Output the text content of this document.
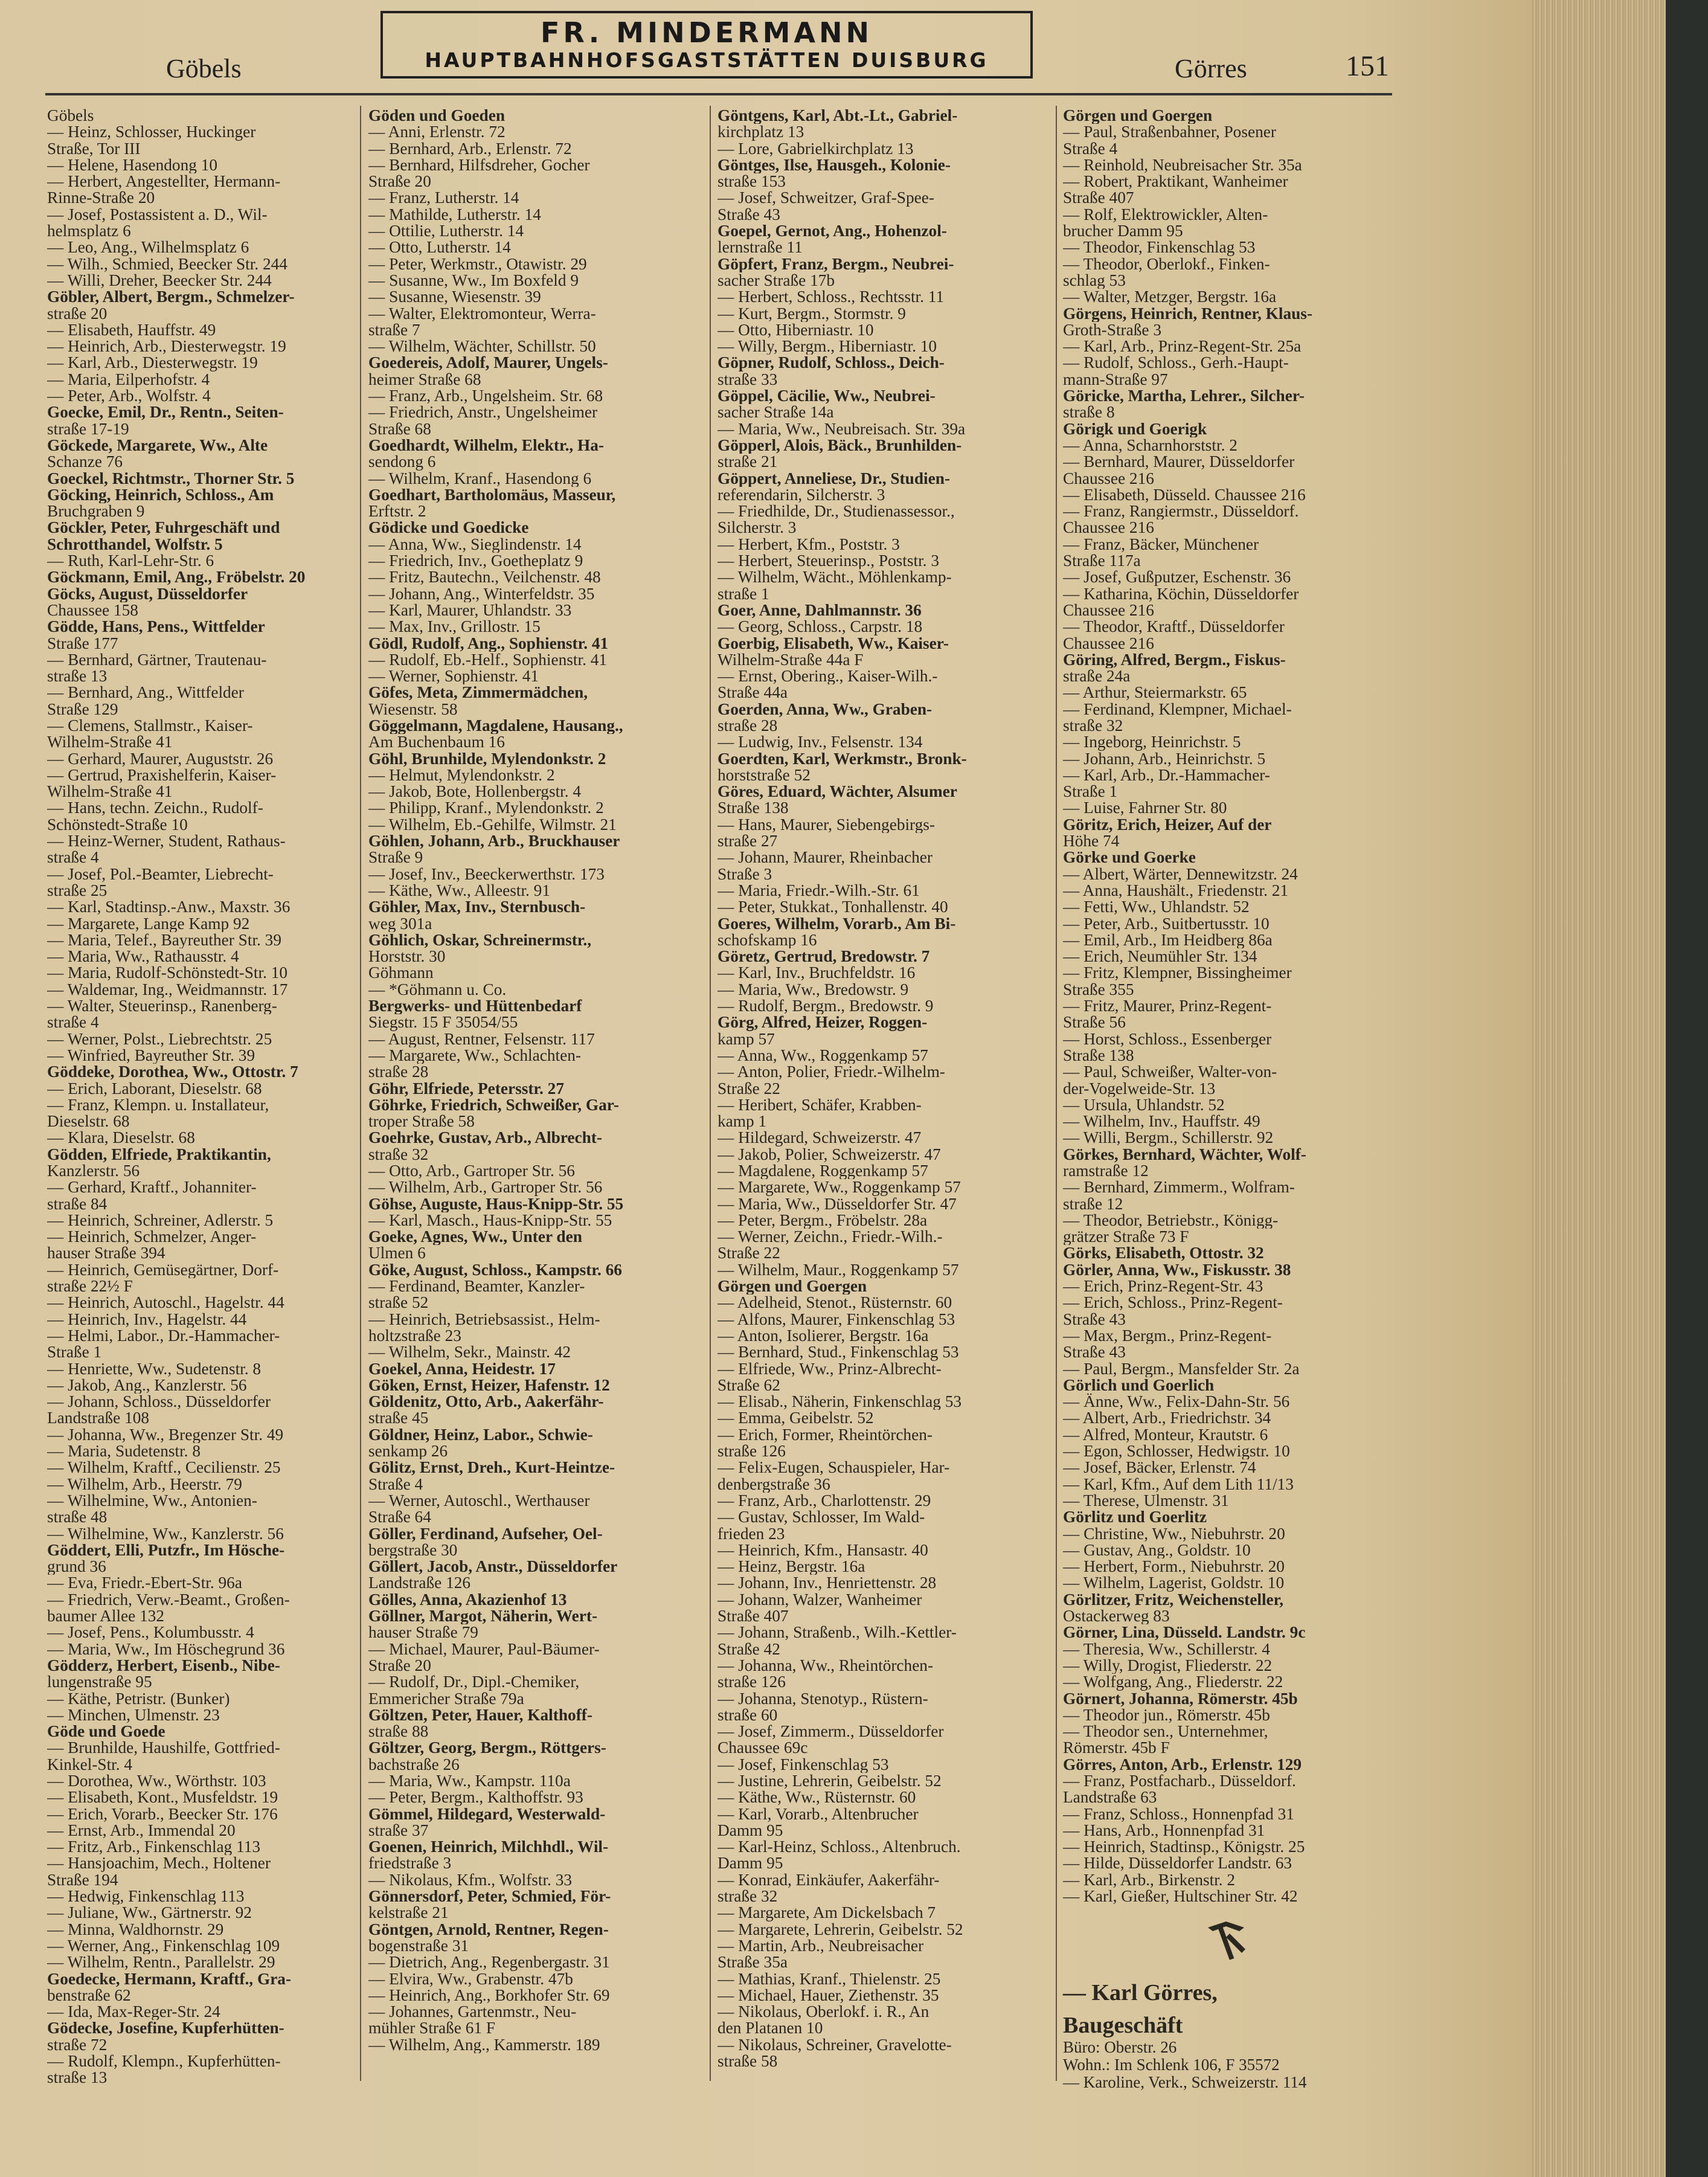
Göbels
FR. MINDERMANN
HAUPTBAHNHOFSGASTSTÄTTEN DUISBURG	Görres	151
Göbels
— Heinz, Schlosser, Huckinger
Straße, Tor III
— Helene, Hasendong 10
— Herbert, Angestellter, Hermann-
Rinne-Straße 20
— Josef, Postassistent a. D., Wil-
helmsplatz 6
— Leo, Ang., Wilhelmsplatz 6
— Wilh., Schmied, Beecker Str. 244
— Willi, Dreher, Beecker Str. 244
Göbler, Albert, Bergm., Schmelzer-
straße 20
— Elisabeth, Hauffstr. 49
— Heinrich, Arb., Diesterwegstr. 19
— Karl, Arb., Diesterwegstr. 19
— Maria, Eilperhofstr. 4
— Peter, Arb., Wolfstr. 4
Goecke, Emil, Dr., Rentn., Seiten-
straße 17-19
Göckede, Margarete, Ww., Alte
Schanze 76
Goeckel, Richtmstr., Thorner Str. 5
Göcking, Heinrich, Schloss., Am
Bruchgraben 9
Göckler, Peter, Fuhrgeschäft und
Schrotthandel, Wolfstr. 5
— Ruth, Karl-Lehr-Str. 6
Göckmann, Emil, Ang., Fröbelstr. 20
Göcks, August, Düsseldorfer
Chaussee 158
Gödde, Hans, Pens., Wittfelder
Straße 177
— Bernhard, Gärtner, Trautenau-
straße 13
— Bernhard, Ang., Wittfelder
Straße 129
— Clemens, Stallmstr., Kaiser-
Wilhelm-Straße 41
— Gerhard, Maurer, Auguststr. 26
— Gertrud, Praxishelferin, Kaiser-
Wilhelm-Straße 41
— Hans, techn. Zeichn., Rudolf-
Schönstedt-Straße 10
— Heinz-Werner, Student, Rathaus-
straße 4
— Josef, Pol.-Beamter, Liebrecht-
straße 25
— Karl, Stadtinsp.-Anw., Maxstr. 36
— Margarete, Lange Kamp 92
— Maria, Telef., Bayreuther Str. 39
— Maria, Ww., Rathausstr. 4
— Maria, Rudolf-Schönstedt-Str. 10
— Waldemar, Ing., Weidmannstr. 17
— Walter, Steuerinsp., Ranenberg-
straße 4
— Werner, Polst., Liebrechtstr. 25
— Winfried, Bayreuther Str. 39
Göddeke, Dorothea, Ww., Ottostr. 7
— Erich, Laborant, Dieselstr. 68
— Franz, Klempn. u. Installateur,
Dieselstr. 68
— Klara, Dieselstr. 68
Gödden, Elfriede, Praktikantin,
Kanzlerstr. 56
— Gerhard, Kraftf., Johanniter-
straße 84
— Heinrich, Schreiner, Adlerstr. 5
— Heinrich, Schmelzer, Anger-
hauser Straße 394
— Heinrich, Gemüsegärtner, Dorf-
straße 22½ F
— Heinrich, Autoschl., Hagelstr. 44
— Heinrich, Inv., Hagelstr. 44
— Helmi, Labor., Dr.-Hammacher-
Straße 1
— Henriette, Ww., Sudetenstr. 8
— Jakob, Ang., Kanzlerstr. 56
— Johann, Schloss., Düsseldorfer
Landstraße 108
— Johanna, Ww., Bregenzer Str. 49
— Maria, Sudetenstr. 8
— Wilhelm, Kraftf., Cecilienstr. 25
— Wilhelm, Arb., Heerstr. 79
— Wilhelmine, Ww., Antonien-
straße 48
— Wilhelmine, Ww., Kanzlerstr. 56
Göddert, Elli, Putzfr., Im Hösche-
grund 36
— Eva, Friedr.-Ebert-Str. 96a
— Friedrich, Verw.-Beamt., Großen-
baumer Allee 132
— Josef, Pens., Kolumbusstr. 4
— Maria, Ww., Im Höschegrund 36
Gödderz, Herbert, Eisenb., Nibe-
lungenstraße 95
— Käthe, Petristr. (Bunker)
— Minchen, Ulmenstr. 23
Göde und Goede
— Brunhilde, Haushilfe, Gottfried-
Kinkel-Str. 4
— Dorothea, Ww., Wörthstr. 103
— Elisabeth, Kont., Musfeldstr. 19
— Erich, Vorarb., Beecker Str. 176
— Ernst, Arb., Immendal 20
— Fritz, Arb., Finkenschlag 113
— Hansjoachim, Mech., Holtener
Straße 194
— Hedwig, Finkenschlag 113
— Juliane, Ww., Gärtnerstr. 92
— Minna, Waldhornstr. 29
— Werner, Ang., Finkenschlag 109
— Wilhelm, Rentn., Parallelstr. 29
Goedecke, Hermann, Kraftf., Gra-
benstraße 62
— Ida, Max-Reger-Str. 24
Gödecke, Josefine, Kupferhütten-
straße 72
— Rudolf, Klempn., Kupferhütten-
straße 13
Göden und Goeden
— Anni, Erlenstr. 72
— Bernhard, Arb., Erlenstr. 72
— Bernhard, Hilfsdreher, Gocher
Straße 20
— Franz, Lutherstr. 14
— Mathilde, Lutherstr. 14
— Ottilie, Lutherstr. 14
— Otto, Lutherstr. 14
— Peter, Werkmstr., Otawistr. 29
— Susanne, Ww., Im Boxfeld 9
— Susanne, Wiesenstr. 39
— Walter, Elektromonteur, Werra-
straße 7
— Wilhelm, Wächter, Schillstr. 50
Goedereis, Adolf, Maurer, Ungels-
heimer Straße 68
— Franz, Arb., Ungelsheim. Str. 68
— Friedrich, Anstr., Ungelsheimer
Straße 68
Goedhardt, Wilhelm, Elektr., Ha-
sendong 6
— Wilhelm, Kranf., Hasendong 6
Goedhart, Bartholomäus, Masseur,
Erftstr. 2
Gödicke und Goedicke
— Anna, Ww., Sieglindenstr. 14
— Friedrich, Inv., Goetheplatz 9
— Fritz, Bautechn., Veilchenstr. 48
— Johann, Ang., Winterfeldstr. 35
— Karl, Maurer, Uhlandstr. 33
— Max, Inv., Grillostr. 15
Gödl, Rudolf, Ang., Sophienstr. 41
— Rudolf, Eb.-Helf., Sophienstr. 41
— Werner, Sophienstr. 41
Göfes, Meta, Zimmermädchen,
Wiesenstr. 58
Göggelmann, Magdalene, Hausang.,
Am Buchenbaum 16
Göhl, Brunhilde, Mylendonkstr. 2
— Helmut, Mylendonkstr. 2
— Jakob, Bote, Hollenbergstr. 4
— Philipp, Kranf., Mylendonkstr. 2
— Wilhelm, Eb.-Gehilfe, Wilmstr. 21
Göhlen, Johann, Arb., Bruckhauser
Straße 9
— Josef, Inv., Beeckerwerthstr. 173
— Käthe, Ww., Alleestr. 91
Göhler, Max, Inv., Sternbusch-
weg 301a
Göhlich, Oskar, Schreinermstr.,
Horststr. 30
Göhmann
— *Göhmann u. Co.
Bergwerks- und Hüttenbedarf
Siegstr. 15 F 35054/55
— August, Rentner, Felsenstr. 117
— Margarete, Ww., Schlachten-
straße 28
Göhr, Elfriede, Petersstr. 27
Göhrke, Friedrich, Schweißer, Gar-
troper Straße 58
Goehrke, Gustav, Arb., Albrecht-
straße 32
— Otto, Arb., Gartroper Str. 56
— Wilhelm, Arb., Gartroper Str. 56
Göhse, Auguste, Haus-Knipp-Str. 55
— Karl, Masch., Haus-Knipp-Str. 55
Goeke, Agnes, Ww., Unter den
Ulmen 6
Göke, August, Schloss., Kampstr. 66
— Ferdinand, Beamter, Kanzler-
straße 52
— Heinrich, Betriebsassist., Helm-
holtzstraße 23
— Wilhelm, Sekr., Mainstr. 42
Goekel, Anna, Heidestr. 17
Göken, Ernst, Heizer, Hafenstr. 12
Göldenitz, Otto, Arb., Aakerfähr-
straße 45
Göldner, Heinz, Labor., Schwie-
senkamp 26
Gölitz, Ernst, Dreh., Kurt-Heintze-
Straße 4
— Werner, Autoschl., Werthauser
Straße 64
Göller, Ferdinand, Aufseher, Oel-
bergstraße 30
Göllert, Jacob, Anstr., Düsseldorfer
Landstraße 126
Gölles, Anna, Akazienhof 13
Göllner, Margot, Näherin, Wert-
hauser Straße 79
— Michael, Maurer, Paul-Bäumer-
Straße 20
— Rudolf, Dr., Dipl.-Chemiker,
Emmericher Straße 79a
Göltzen, Peter, Hauer, Kalthoff-
straße 88
Göltzer, Georg, Bergm., Röttgers-
bachstraße 26
— Maria, Ww., Kampstr. 110a
— Peter, Bergm., Kalthoffstr. 93
Gömmel, Hildegard, Westerwald-
straße 37
Goenen, Heinrich, Milchhdl., Wil-
friedstraße 3
— Nikolaus, Kfm., Wolfstr. 33
Gönnersdorf, Peter, Schmied, För-
kelstraße 21
Göntgen, Arnold, Rentner, Regen-
bogenstraße 31
— Dietrich, Ang., Regenbergastr. 31
— Elvira, Ww., Grabenstr. 47b
— Heinrich, Ang., Borkhofer Str. 69
— Johannes, Gartenmstr., Neu-
mühler Straße 61 F
— Wilhelm, Ang., Kammerstr. 189
Göntgens, Karl, Abt.-Lt., Gabriel-
kirchplatz 13
— Lore, Gabrielkirchplatz 13
Göntges, Ilse, Hausgeh., Kolonie-
straße 153
— Josef, Schweitzer, Graf-Spee-
Straße 43
Goepel, Gernot, Ang., Hohenzol-
lernstraße 11
Göpfert, Franz, Bergm., Neubrei-
sacher Straße 17b
— Herbert, Schloss., Rechtsstr. 11
— Kurt, Bergm., Stormstr. 9
— Otto, Hiberniastr. 10
— Willy, Bergm., Hiberniastr. 10
Göpner, Rudolf, Schloss., Deich-
straße 33
Göppel, Cäcilie, Ww., Neubrei-
sacher Straße 14a
— Maria, Ww., Neubreisach. Str. 39a
Göpperl, Alois, Bäck., Brunhilden-
straße 21
Göppert, Anneliese, Dr., Studien-
referendarin, Silcherstr. 3
— Friedhilde, Dr., Studienassessor.,
Silcherstr. 3
— Herbert, Kfm., Poststr. 3
— Herbert, Steuerinsp., Poststr. 3
— Wilhelm, Wächt., Möhlenkamp-
straße 1
Goer, Anne, Dahlmannstr. 36
— Georg, Schloss., Carpstr. 18
Goerbig, Elisabeth, Ww., Kaiser-
Wilhelm-Straße 44a F
— Ernst, Obering., Kaiser-Wilh.-
Straße 44a
Goerden, Anna, Ww., Graben-
straße 28
— Ludwig, Inv., Felsenstr. 134
Goerdten, Karl, Werkmstr., Bronk-
horststraße 52
Göres, Eduard, Wächter, Alsumer
Straße 138
— Hans, Maurer, Siebengebirgs-
straße 27
— Johann, Maurer, Rheinbacher
Straße 3
— Maria, Friedr.-Wilh.-Str. 61
— Peter, Stukkat., Tonhallenstr. 40
Goeres, Wilhelm, Vorarb., Am Bi-
schofskamp 16
Göretz, Gertrud, Bredowstr. 7
— Karl, Inv., Bruchfeldstr. 16
— Maria, Ww., Bredowstr. 9
— Rudolf, Bergm., Bredowstr. 9
Görg, Alfred, Heizer, Roggen-
kamp 57
— Anna, Ww., Roggenkamp 57
— Anton, Polier, Friedr.-Wilhelm-
Straße 22
— Heribert, Schäfer, Krabben-
kamp 1
— Hildegard, Schweizerstr. 47
— Jakob, Polier, Schweizerstr. 47
— Magdalene, Roggenkamp 57
— Margarete, Ww., Roggenkamp 57
— Maria, Ww., Düsseldorfer Str. 47
— Peter, Bergm., Fröbelstr. 28a
— Werner, Zeichn., Friedr.-Wilh.-
Straße 22
— Wilhelm, Maur., Roggenkamp 57
Görgen und Goergen
— Adelheid, Stenot., Rüsternstr. 60
— Alfons, Maurer, Finkenschlag 53
— Anton, Isolierer, Bergstr. 16a
— Bernhard, Stud., Finkenschlag 53
— Elfriede, Ww., Prinz-Albrecht-
Straße 62
— Elisab., Näherin, Finkenschlag 53
— Emma, Geibelstr. 52
— Erich, Former, Rheintörchen-
straße 126
— Felix-Eugen, Schauspieler, Har-
denbergstraße 36
— Franz, Arb., Charlottenstr. 29
— Gustav, Schlosser, Im Wald-
frieden 23
— Heinrich, Kfm., Hansastr. 40
— Heinz, Bergstr. 16a
— Johann, Inv., Henriettenstr. 28
— Johann, Walzer, Wanheimer
Straße 407
— Johann, Straßenb., Wilh.-Kettler-
Straße 42
— Johanna, Ww., Rheintörchen-
straße 126
— Johanna, Stenotyp., Rüstern-
straße 60
— Josef, Zimmerm., Düsseldorfer
Chaussee 69c
— Josef, Finkenschlag 53
— Justine, Lehrerin, Geibelstr. 52
— Käthe, Ww., Rüsternstr. 60
— Karl, Vorarb., Altenbrucher
Damm 95
— Karl-Heinz, Schloss., Altenbruch.
Damm 95
— Konrad, Einkäufer, Aakerfähr-
straße 32
— Margarete, Am Dickelsbach 7
— Margarete, Lehrerin, Geibelstr. 52
— Martin, Arb., Neubreisacher
Straße 35a
— Mathias, Kranf., Thielenstr. 25
— Michael, Hauer, Ziethenstr. 35
— Nikolaus, Oberlokf. i. R., An
den Platanen 10
— Nikolaus, Schreiner, Gravelotte-
straße 58
Görgen und Goergen
— Paul, Straßenbahner, Posener
Straße 4
— Reinhold, Neubreisacher Str. 35a
— Robert, Praktikant, Wanheimer
Straße 407
— Rolf, Elektrowickler, Alten-
brucher Damm 95
— Theodor, Finkenschlag 53
— Theodor, Oberlokf., Finken-
schlag 53
— Walter, Metzger, Bergstr. 16a
Görgens, Heinrich, Rentner, Klaus-
Groth-Straße 3
— Karl, Arb., Prinz-Regent-Str. 25a
— Rudolf, Schloss., Gerh.-Haupt-
mann-Straße 97
Göricke, Martha, Lehrer., Silcher-
straße 8
Görigk und Goerigk
— Anna, Scharnhorststr. 2
— Bernhard, Maurer, Düsseldorfer
Chaussee 216
— Elisabeth, Düsseld. Chaussee 216
— Franz, Rangiermstr., Düsseldorf.
Chaussee 216
— Franz, Bäcker, Münchener
Straße 117a
— Josef, Gußputzer, Eschenstr. 36
— Katharina, Köchin, Düsseldorfer
Chaussee 216
— Theodor, Kraftf., Düsseldorfer
Chaussee 216
Göring, Alfred, Bergm., Fiskus-
straße 24a
— Arthur, Steiermarkstr. 65
— Ferdinand, Klempner, Michael-
straße 32
— Ingeborg, Heinrichstr. 5
— Johann, Arb., Heinrichstr. 5
— Karl, Arb., Dr.-Hammacher-
Straße 1
— Luise, Fahrner Str. 80
Göritz, Erich, Heizer, Auf der
Höhe 74
Görke und Goerke
— Albert, Wärter, Dennewitzstr. 24
— Anna, Haushält., Friedenstr. 21
— Fetti, Ww., Uhlandstr. 52
— Peter, Arb., Suitbertusstr. 10
— Emil, Arb., Im Heidberg 86a
— Erich, Neumühler Str. 134
— Fritz, Klempner, Bissingheimer
Straße 355
— Fritz, Maurer, Prinz-Regent-
Straße 56
— Horst, Schloss., Essenberger
Straße 138
— Paul, Schweißer, Walter-von-
der-Vogelweide-Str. 13
— Ursula, Uhlandstr. 52
— Wilhelm, Inv., Hauffstr. 49
— Willi, Bergm., Schillerstr. 92
Görkes, Bernhard, Wächter, Wolf-
ramstraße 12
— Bernhard, Zimmerm., Wolfram-
straße 12
— Theodor, Betriebstr., Königg-
grätzer Straße 73 F
Görks, Elisabeth, Ottostr. 32
Görler, Anna, Ww., Fiskusstr. 38
— Erich, Prinz-Regent-Str. 43
— Erich, Schloss., Prinz-Regent-
Straße 43
— Max, Bergm., Prinz-Regent-
Straße 43
— Paul, Bergm., Mansfelder Str. 2a
Görlich und Goerlich
— Änne, Ww., Felix-Dahn-Str. 56
— Albert, Arb., Friedrichstr. 34
— Alfred, Monteur, Krautstr. 6
— Egon, Schlosser, Hedwigstr. 10
— Josef, Bäcker, Erlenstr. 74
— Karl, Kfm., Auf dem Lith 11/13
— Therese, Ulmenstr. 31
Görlitz und Goerlitz
— Christine, Ww., Niebuhrstr. 20
— Gustav, Ang., Goldstr. 10
— Herbert, Form., Niebuhrstr. 20
— Wilhelm, Lagerist, Goldstr. 10
Görlitzer, Fritz, Weichensteller,
Ostackerweg 83
Görner, Lina, Düsseld. Landstr. 9c
— Theresia, Ww., Schillerstr. 4
— Willy, Drogist, Fliederstr. 22
— Wolfgang, Ang., Fliederstr. 22
Görnert, Johanna, Römerstr. 45b
— Theodor jun., Römerstr. 45b
— Theodor sen., Unternehmer,
Römerstr. 45b F
Görres, Anton, Arb., Erlenstr. 129
— Franz, Postfacharb., Düsseldorf.
Landstraße 63
— Franz, Schloss., Honnenpfad 31
— Hans, Arb., Honnenpfad 31
— Heinrich, Stadtinsp., Königstr. 25
— Hilde, Düsseldorfer Landstr. 63
— Karl, Arb., Birkenstr. 2
— Karl, Gießer, Hultschiner Str. 42
— Karl Görres,
Baugeschäft
Büro: Oberstr. 26
Wohn.: Im Schlenk 106, F 35572
— Karoline, Verk., Schweizerstr. 114
